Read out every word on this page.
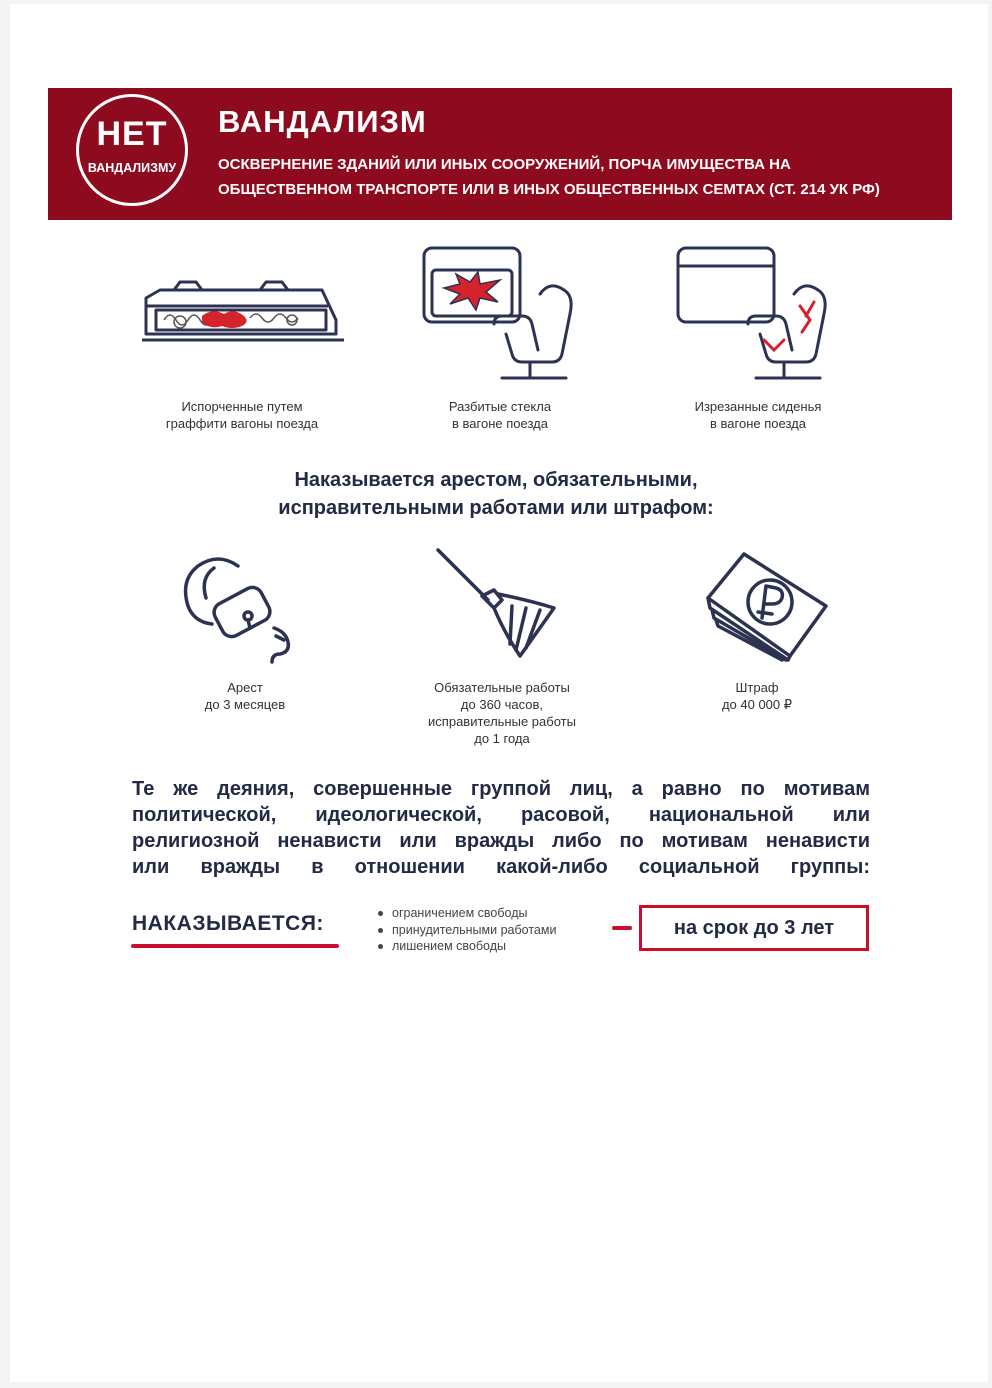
НЕТ
ВАНДАЛИЗМУ
ВАНДАЛИЗМ
ОСКВЕРНЕНИЕ ЗДАНИЙ ИЛИ ИНЫХ СООРУЖЕНИЙ, ПОРЧА ИМУЩЕСТВА НА
ОБЩЕСТВЕННОМ ТРАНСПОРТЕ ИЛИ В ИНЫХ ОБЩЕСТВЕННЫХ СЕМТАХ (СТ. 214 УК РФ)
Испорченные путем
граффити вагоны поезда
Разбитые стекла
в вагоне поезда
Изрезанные сиденья
в вагоне поезда
Наказывается арестом, обязательными,
исправительными работами или штрафом:
Арест
до 3 месяцев
Обязательные работы
до 360 часов,
исправительные работы
до 1 года
Штраф
до 40 000 ₽
Те же деяния, совершенные группой лиц, а равно по мотивам
политической, идеологической, расовой, национальной или
религиозной ненависти или вражды либо по мотивам ненависти
или вражды в отношении какой-либо социальной группы:
НАКАЗЫВАЕТСЯ:	ограничением свободы
принудительными работами
лишением свободы
на срок до 3 лет
